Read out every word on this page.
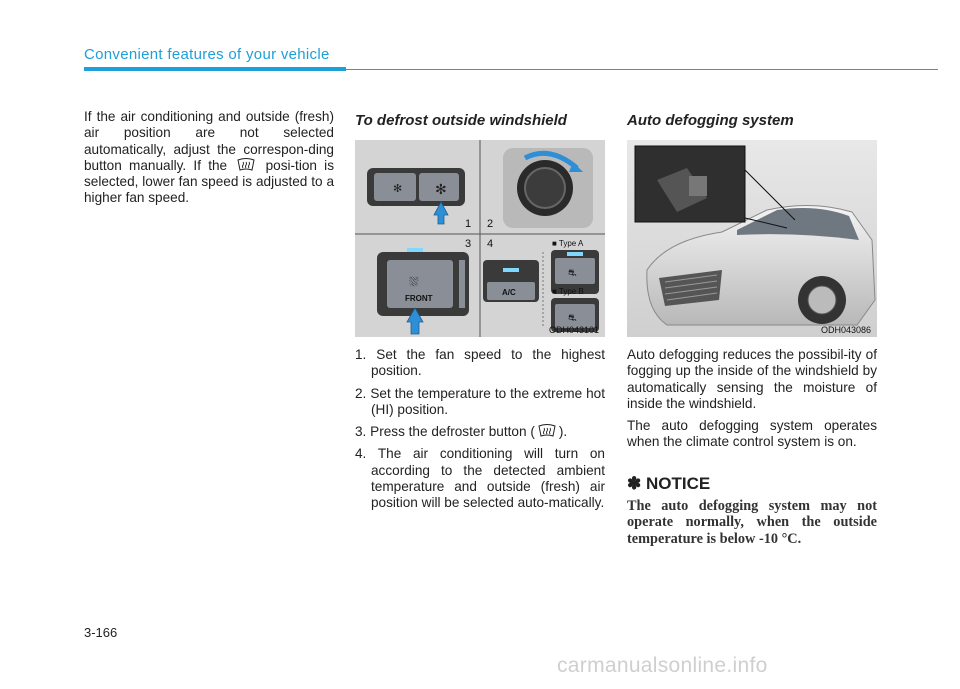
Convenient features of your vehicle

If the air conditioning and outside (fresh) air position are not selected automatically, adjust the correspon-ding button manually. If the	posi-tion is selected, lower fan speed is adjusted to a higher fan speed.

To defrost outside windshield
✻ ✻
⛆
FRONT
A/C
■ Type A
⛐
■ Type B
⛐
1 2
3 4
ODH043101
1. Set the fan speed to the highest position.
2. Set the temperature to the extreme hot (HI) position.
3. Press the defroster button ( ).
4. The air conditioning will turn on according to the detected ambient temperature and outside (fresh) air position will be selected auto-matically.
Auto defogging system
ODH043086

Auto defogging reduces the possibil-ity of fogging up the inside of the windshield by automatically sensing the moisture of inside the windshield.

The auto defogging system operates when the climate control system is on.

✽ NOTICE

The auto defogging system may not operate normally, when the outside temperature is below -10 °C.

3-166
carmanualsonline.info
